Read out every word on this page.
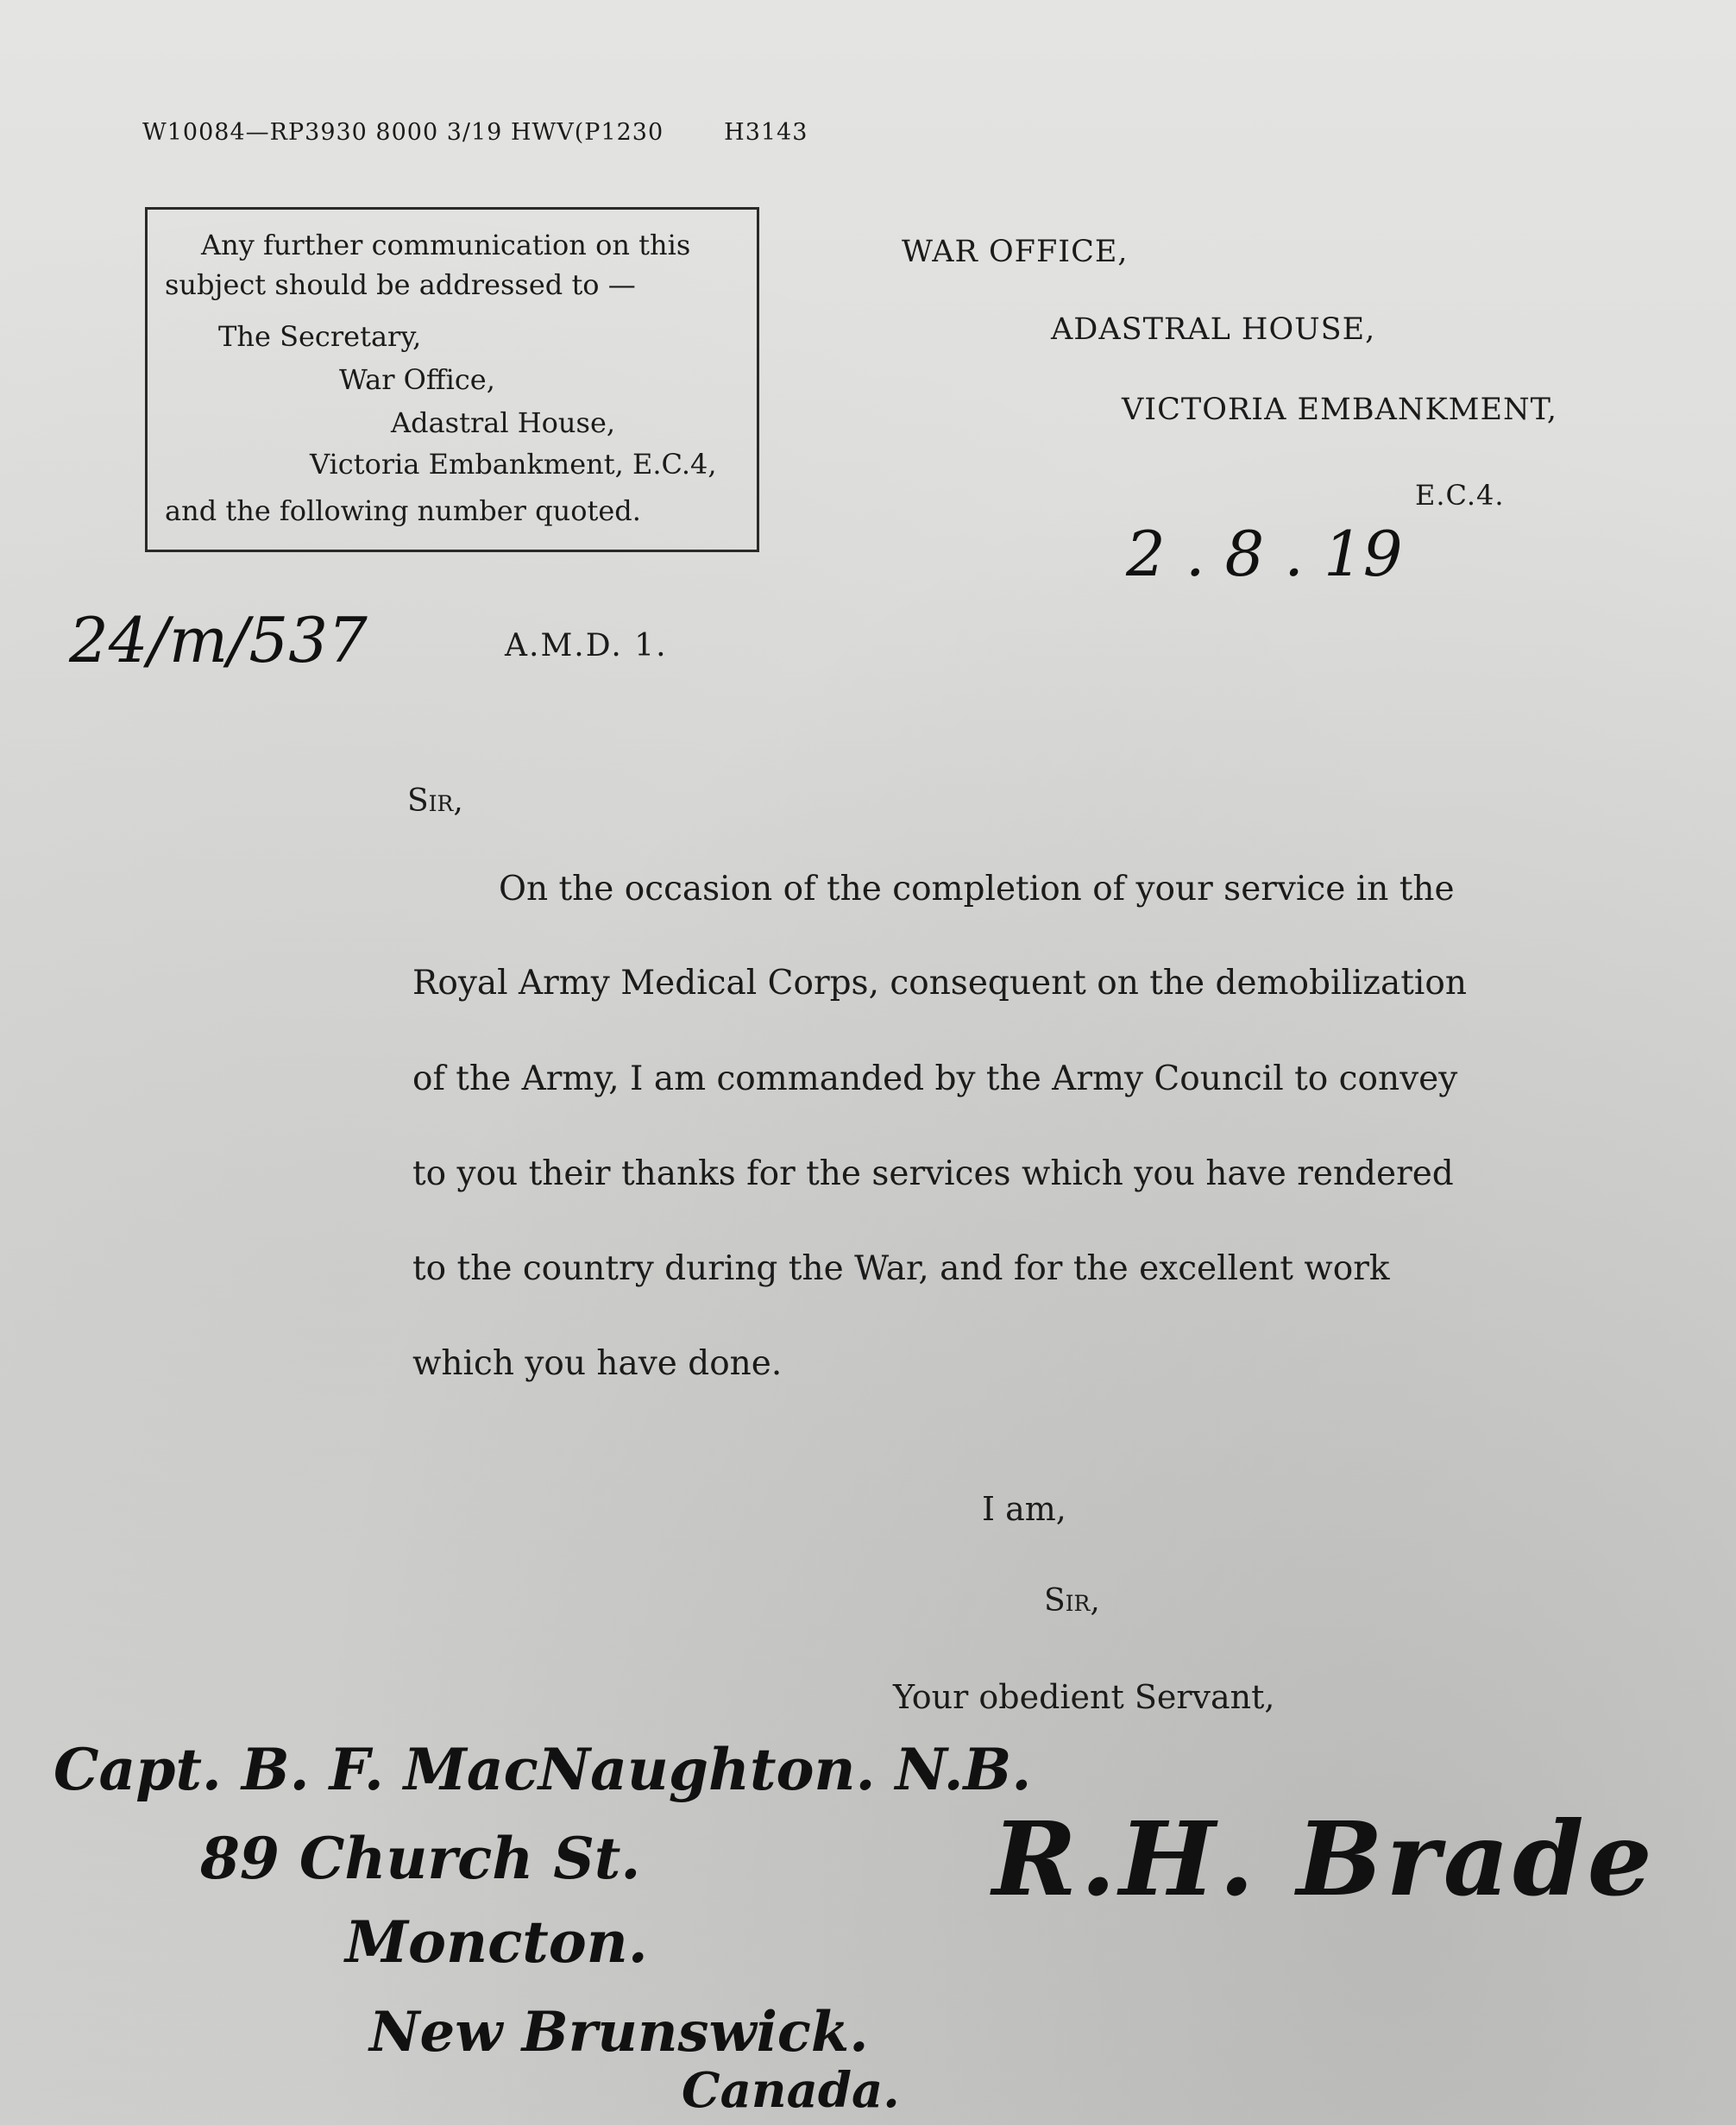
W10084—RP3930 8000 3/19 HWV(P1230	H3143
Any further communication on this
subject should be addressed to —
The Secretary,
War Office,
Adastral House,
Victoria Embankment, E.C.4,
and the following number quoted.
WAR OFFICE,
ADASTRAL HOUSE,
VICTORIA EMBANKMENT,
E.C.4.
2 . 8 . 19
24/m/537	A.M.D. 1.
Sir,
On the occasion of the completion of your service in the
Royal Army Medical Corps, consequent on the demobilization
of the Army, I am commanded by the Army Council to convey
to you their thanks for the services which you have rendered
to the country during the War, and for the excellent work
which you have done.
I am,
Sir,
Your obedient Servant,
Capt. B. F. MacNaughton. N.B.
89 Church St.
Moncton.
New Brunswick.
Canada.
R.H. Brade
